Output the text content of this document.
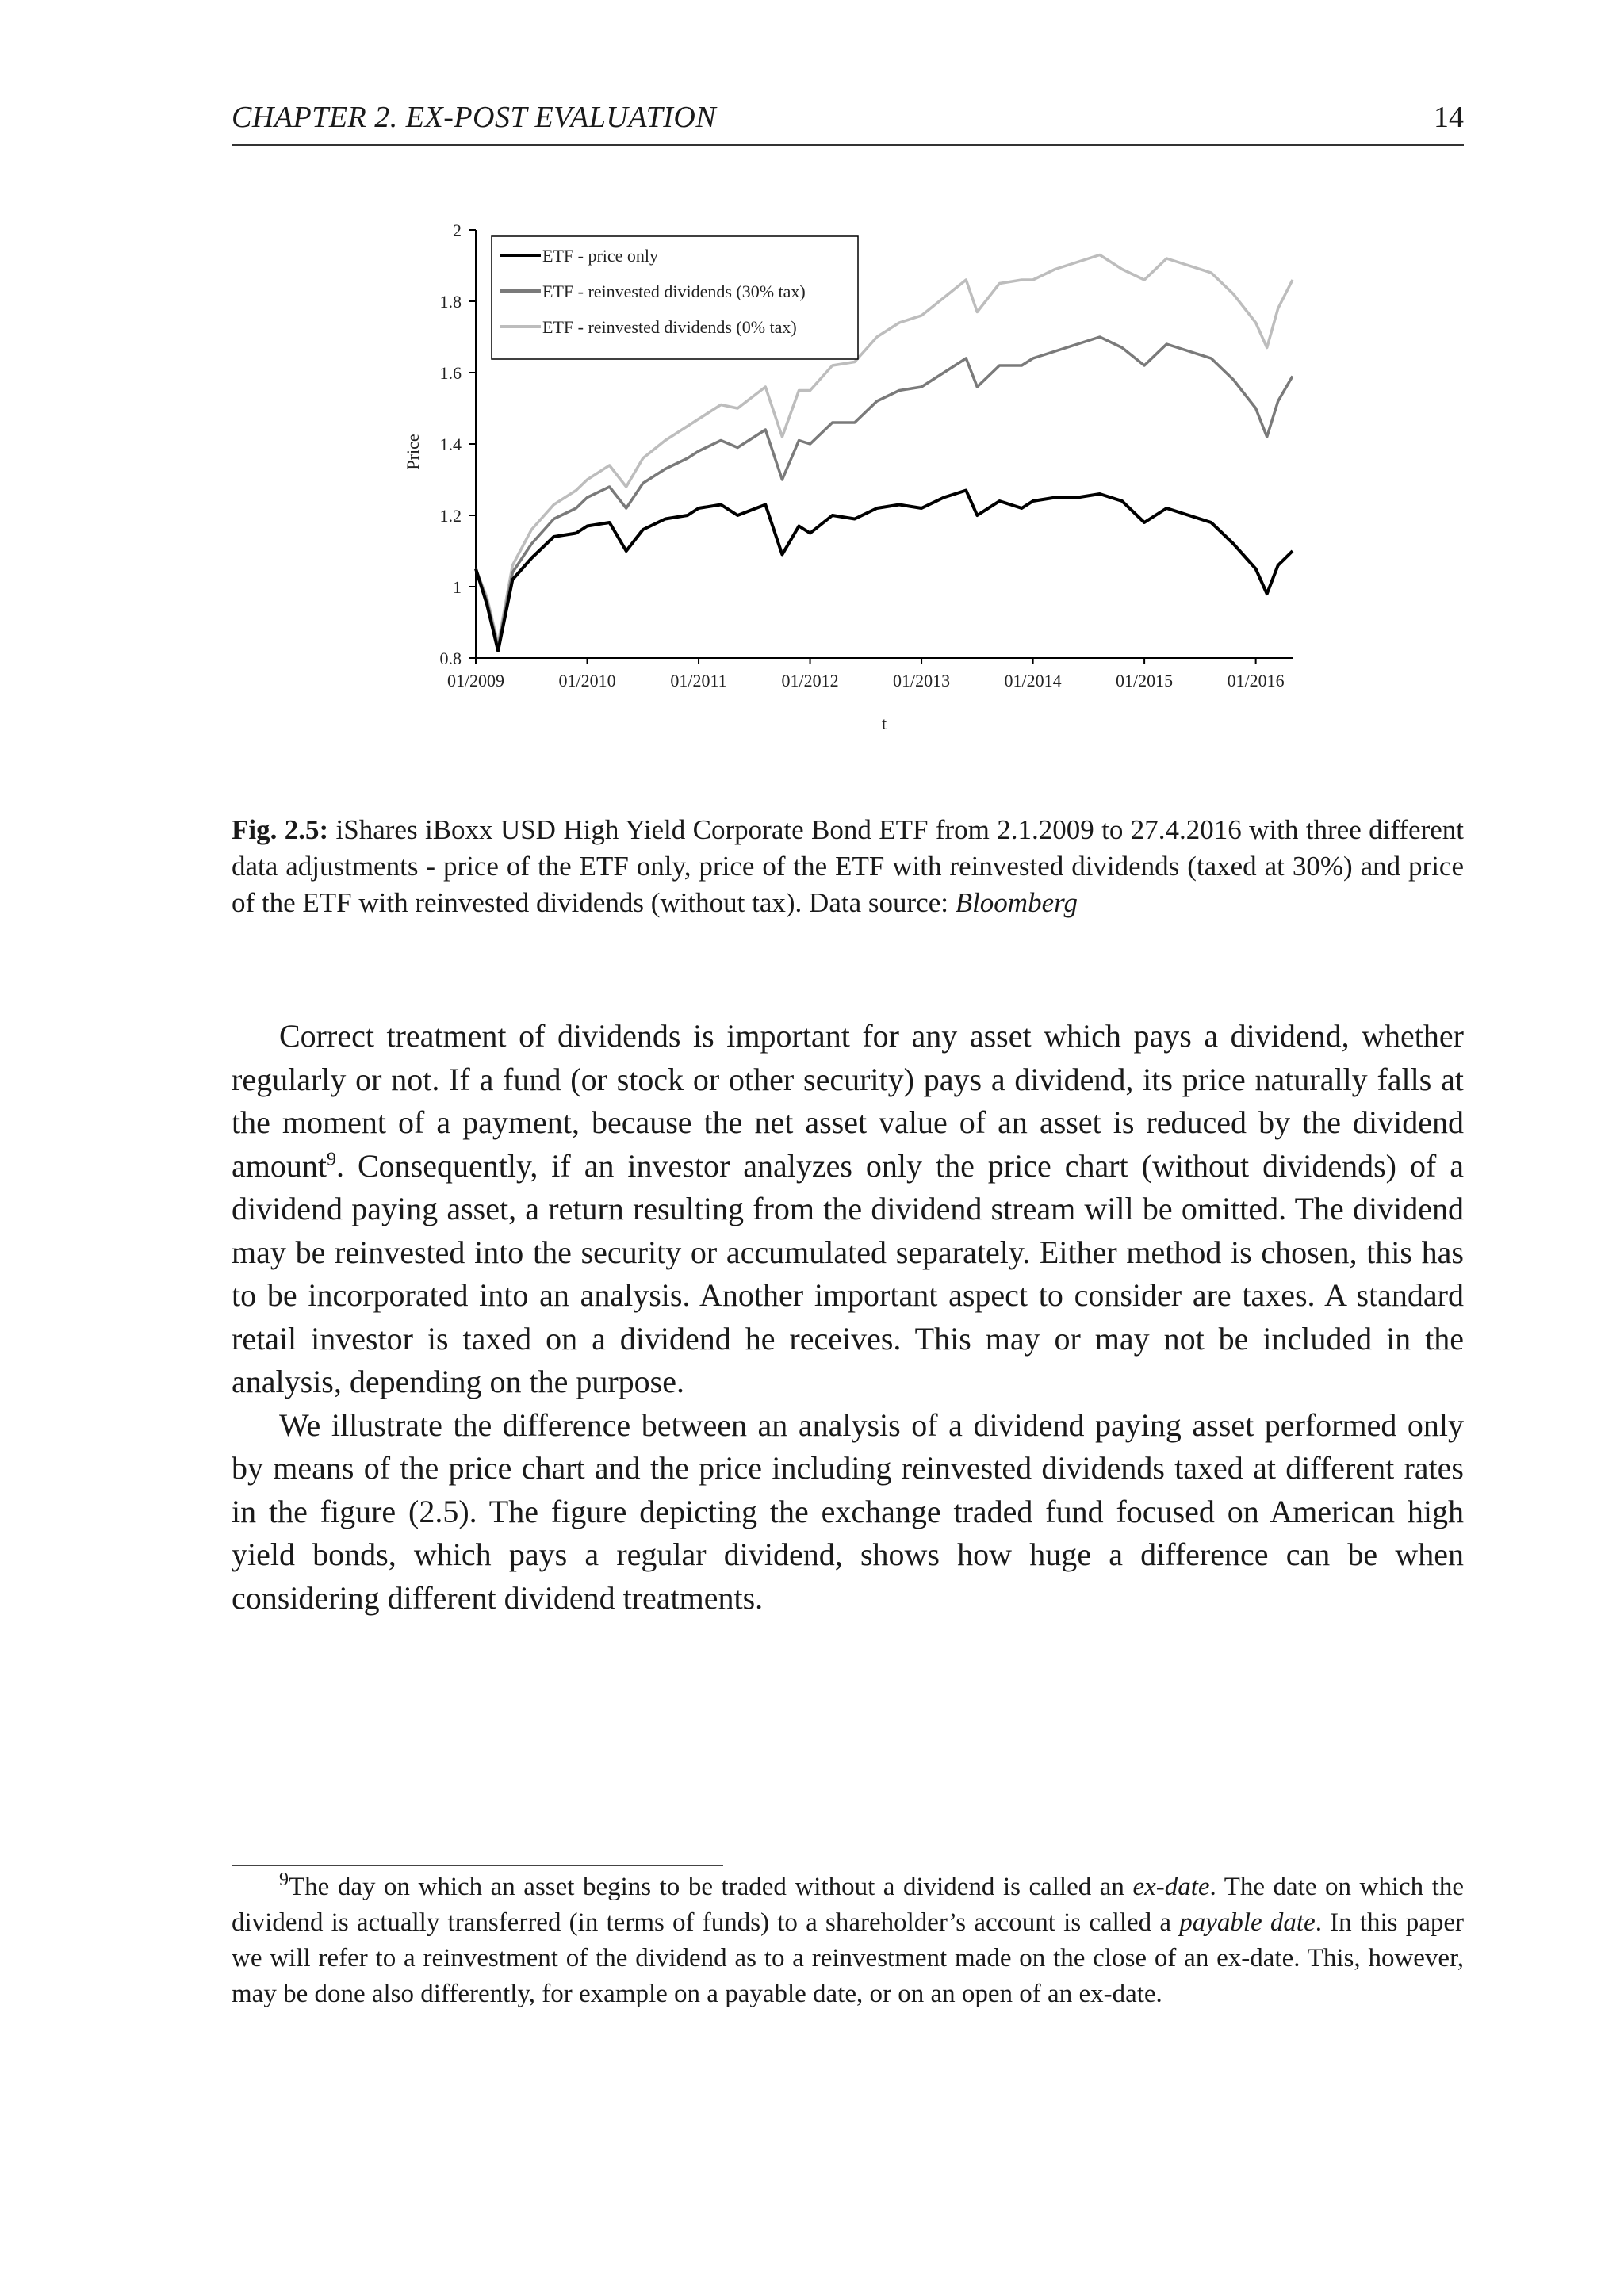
CHAPTER 2. EX-POST EVALUATION	14
0.8
1
1.2
1.4
1.6
1.8
2
01/2009	01/2010	01/2011	01/2012	01/2013	01/2014	01/2015	01/2016
t
Price
ETF - price only
ETF - reinvested dividends (30% tax)
ETF - reinvested dividends (0% tax)
Fig. 2.5: iShares iBoxx USD High Yield Corporate Bond ETF from 2.1.2009 to 27.4.2016 with three different data adjustments - price of the ETF only, price of the ETF with reinvested dividends (taxed at 30%) and price of the ETF with reinvested dividends (without tax). Data source: Bloomberg

Correct treatment of dividends is important for any asset which pays a dividend, whether regularly or not. If a fund (or stock or other security) pays a dividend, its price naturally falls at the moment of a payment, because the net asset value of an asset is reduced by the dividend amount$^9$. Consequently, if an investor analyzes only the price chart (without dividends) of a dividend paying asset, a return resulting from the dividend stream will be omitted. The dividend may be reinvested into the security or accumulated separately. Either method is chosen, this has to be incorporated into an analysis. Another important aspect to consider are taxes. A standard retail investor is taxed on a dividend he receives. This may or may not be included in the analysis, depending on the purpose.

We illustrate the difference between an analysis of a dividend paying asset performed only by means of the price chart and the price including reinvested dividends taxed at different rates in the figure (2.5). The figure depicting the exchange traded fund focused on American high yield bonds, which pays a regular dividend, shows how huge a difference can be when considering different dividend treatments.

$^9$The day on which an asset begins to be traded without a dividend is called an ex-date. The date on which the dividend is actually transferred (in terms of funds) to a shareholder’s account is called a payable date. In this paper we will refer to a reinvestment of the dividend as to a reinvestment made on the close of an ex-date. This, however, may be done also differently, for example on a payable date, or on an open of an ex-date.
